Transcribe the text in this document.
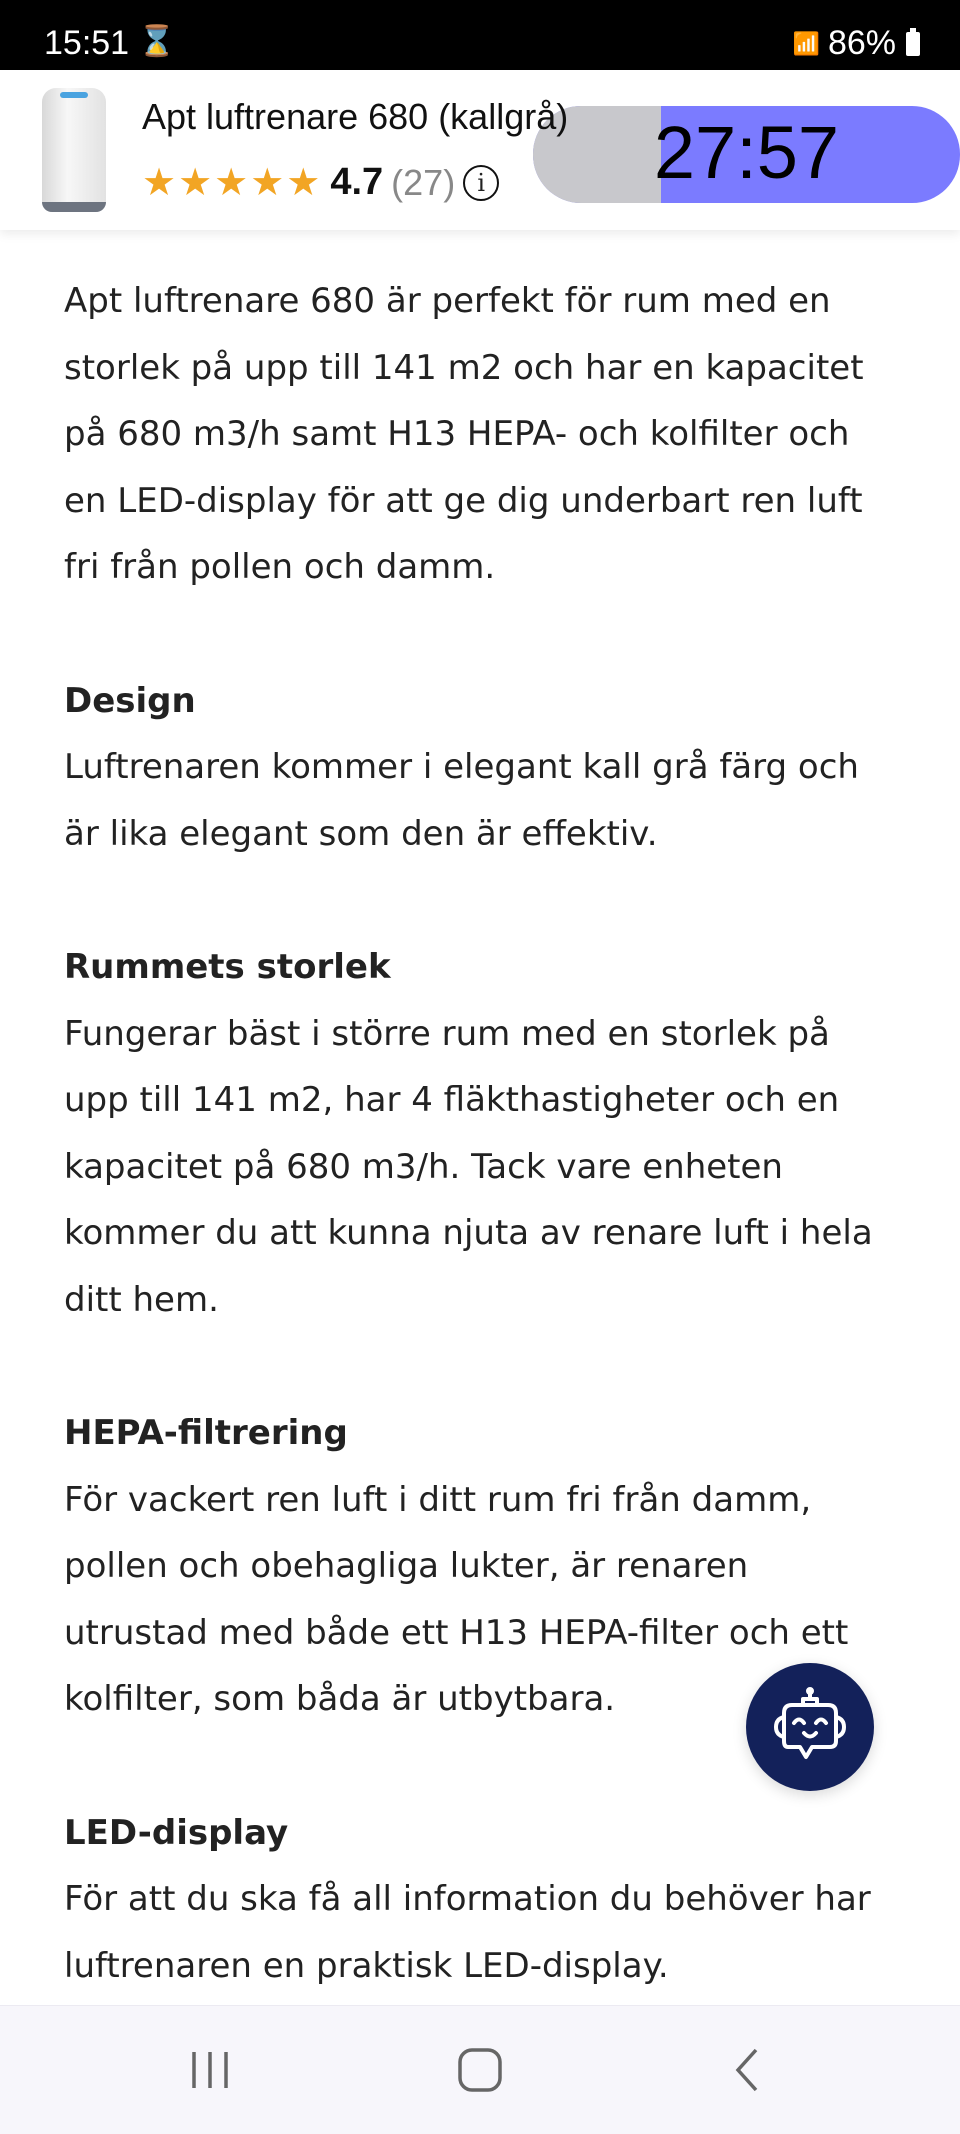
15:51 ⌛	📶 86%
27:57
Apt luftrenare 680 (kallgrå)
★★★★★ 4.7 (27) i
Apt luftrenare 680 är perfekt för rum med en
storlek på upp till 141 m2 och har en kapacitet
på 680 m3/h samt H13 HEPA- och kolfilter och
en LED-display för att ge dig underbart ren luft
fri från pollen och damm.
Design
Luftrenaren kommer i elegant kall grå färg och
är lika elegant som den är effektiv.
Rummets storlek
Fungerar bäst i större rum med en storlek på
upp till 141 m2, har 4 fläkthastigheter och en
kapacitet på 680 m3/h. Tack vare enheten
kommer du att kunna njuta av renare luft i hela
ditt hem.
HEPA-filtrering
För vackert ren luft i ditt rum fri från damm,
pollen och obehagliga lukter, är renaren
utrustad med både ett H13 HEPA-filter och ett
kolfilter, som båda är utbytbara.
LED-display
För att du ska få all information du behöver har
luftrenaren en praktisk LED-display.
